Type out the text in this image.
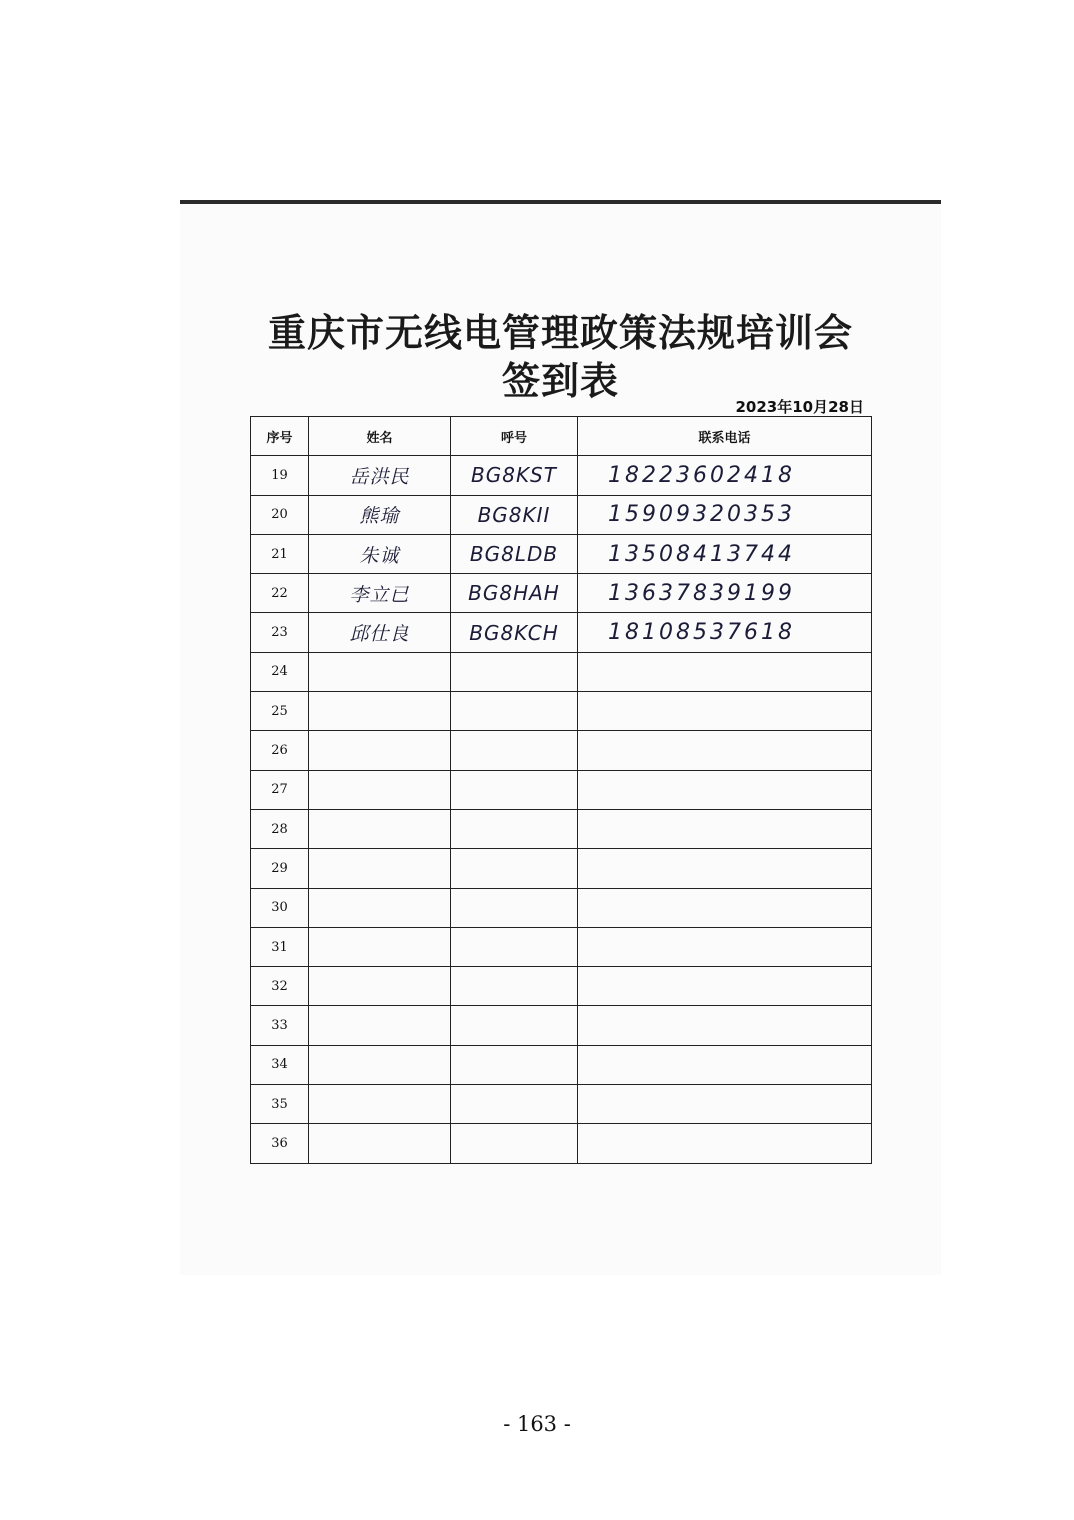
重庆市无线电管理政策法规培训会
签到表
2023年10月28日
序号	姓名	呼号	联系电话
19	岳洪民	BG8KST	18223602418
20	熊瑜	BG8KII	15909320353
21	朱诚	BG8LDB	13508413744
22	李立已	BG8HAH	13637839199
23	邱仕良	BG8KCH	18108537618
24			
25			
26			
27			
28			
29			
30			
31			
32			
33			
34			
35			
36			
- 163 -
